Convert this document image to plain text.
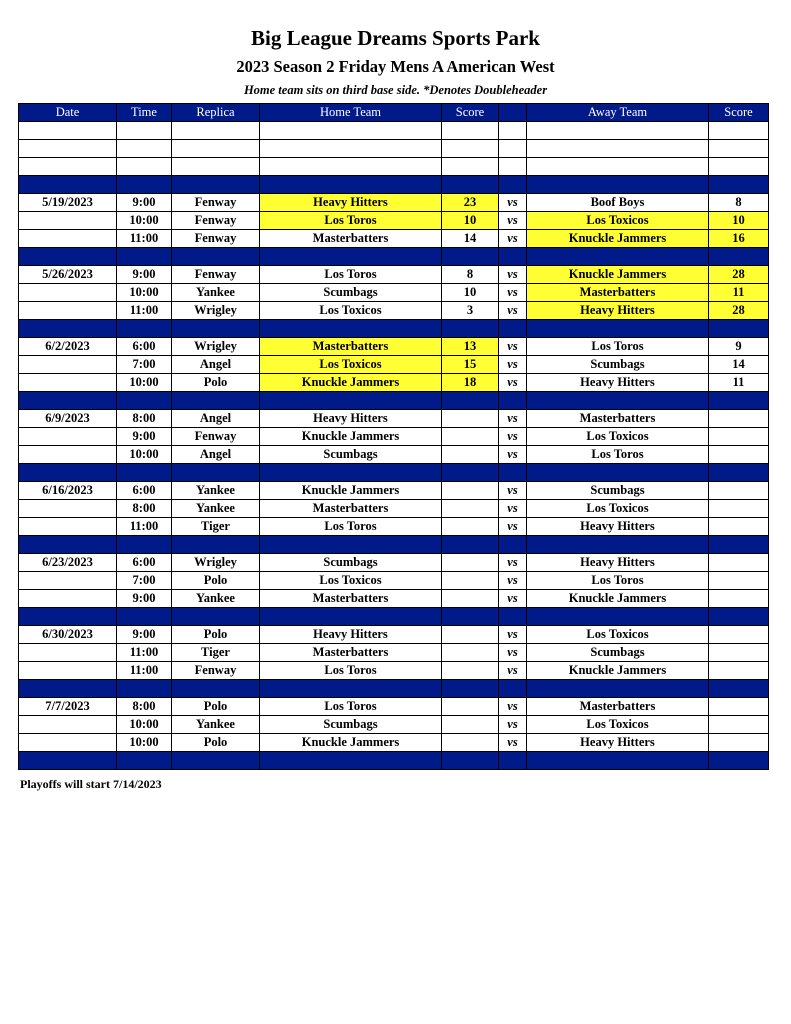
Big League Dreams Sports Park
2023 Season 2 Friday Mens A American West
Home team sits on third base side. *Denotes Doubleheader
Date	Time	Replica	Home Team	Score		Away Team	Score

5/19/2023	9:00	Fenway	Heavy Hitters	23	vs	Boof Boys	8
	10:00	Fenway	Los Toros	10	vs	Los Toxicos	10
	11:00	Fenway	Masterbatters	14	vs	Knuckle Jammers	16

5/26/2023	9:00	Fenway	Los Toros	8	vs	Knuckle Jammers	28
	10:00	Yankee	Scumbags	10	vs	Masterbatters	11
	11:00	Wrigley	Los Toxicos	3	vs	Heavy Hitters	28

6/2/2023	6:00	Wrigley	Masterbatters	13	vs	Los Toros	9
	7:00	Angel	Los Toxicos	15	vs	Scumbags	14
	10:00	Polo	Knuckle Jammers	18	vs	Heavy Hitters	11

6/9/2023	8:00	Angel	Heavy Hitters		vs	Masterbatters	
	9:00	Fenway	Knuckle Jammers		vs	Los Toxicos	
	10:00	Angel	Scumbags		vs	Los Toros	

6/16/2023	6:00	Yankee	Knuckle Jammers		vs	Scumbags	
	8:00	Yankee	Masterbatters		vs	Los Toxicos	
	11:00	Tiger	Los Toros		vs	Heavy Hitters	

6/23/2023	6:00	Wrigley	Scumbags		vs	Heavy Hitters	
	7:00	Polo	Los Toxicos		vs	Los Toros	
	9:00	Yankee	Masterbatters		vs	Knuckle Jammers	

6/30/2023	9:00	Polo	Heavy Hitters		vs	Los Toxicos	
	11:00	Tiger	Masterbatters		vs	Scumbags	
	11:00	Fenway	Los Toros		vs	Knuckle Jammers	

7/7/2023	8:00	Polo	Los Toros		vs	Masterbatters	
	10:00	Yankee	Scumbags		vs	Los Toxicos	
	10:00	Polo	Knuckle Jammers		vs	Heavy Hitters	

Playoffs will start 7/14/2023
